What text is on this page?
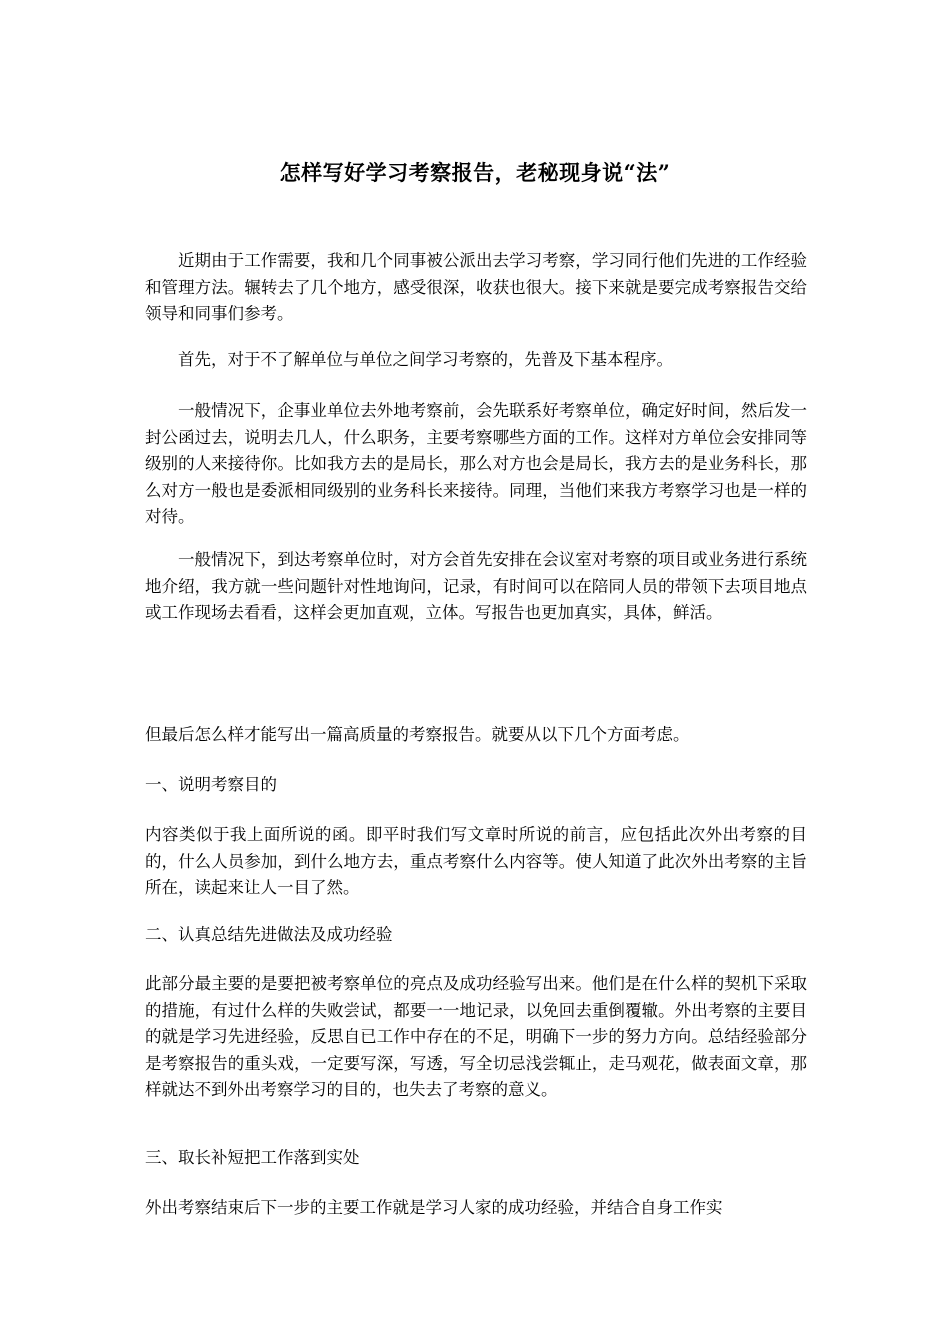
怎样写好学习考察报告，老秘现身说“法”

近期由于工作需要，我和几个同事被公派出去学习考察，学习同行他们先进的工作经验和管理方法。辗转去了几个地方，感受很深，收获也很大。接下来就是要完成考察报告交给领导和同事们参考。

首先，对于不了解单位与单位之间学习考察的，先普及下基本程序。

一般情况下，企事业单位去外地考察前，会先联系好考察单位，确定好时间，然后发一封公函过去，说明去几人，什么职务，主要考察哪些方面的工作。这样对方单位会安排同等级别的人来接待你。比如我方去的是局长，那么对方也会是局长，我方去的是业务科长，那么对方一般也是委派相同级别的业务科长来接待。同理，当他们来我方考察学习也是一样的对待。

一般情况下，到达考察单位时，对方会首先安排在会议室对考察的项目或业务进行系统地介绍，我方就一些问题针对性地询问，记录，有时间可以在陪同人员的带领下去项目地点或工作现场去看看，这样会更加直观，立体。写报告也更加真实，具体，鲜活。

但最后怎么样才能写出一篇高质量的考察报告。就要从以下几个方面考虑。

一、说明考察目的

内容类似于我上面所说的函。即平时我们写文章时所说的前言，应包括此次外出考察的目的，什么人员参加，到什么地方去，重点考察什么内容等。使人知道了此次外出考察的主旨所在，读起来让人一目了然。

二、认真总结先进做法及成功经验

此部分最主要的是要把被考察单位的亮点及成功经验写出来。他们是在什么样的契机下采取的措施，有过什么样的失败尝试，都要一一地记录，以免回去重倒覆辙。外出考察的主要目的就是学习先进经验，反思自已工作中存在的不足，明确下一步的努力方向。总结经验部分是考察报告的重头戏，一定要写深，写透，写全切忌浅尝辄止，走马观花，做表面文章，那样就达不到外出考察学习的目的，也失去了考察的意义。

三、取长补短把工作落到实处

外出考察结束后下一步的主要工作就是学习人家的成功经验，并结合自身工作实
